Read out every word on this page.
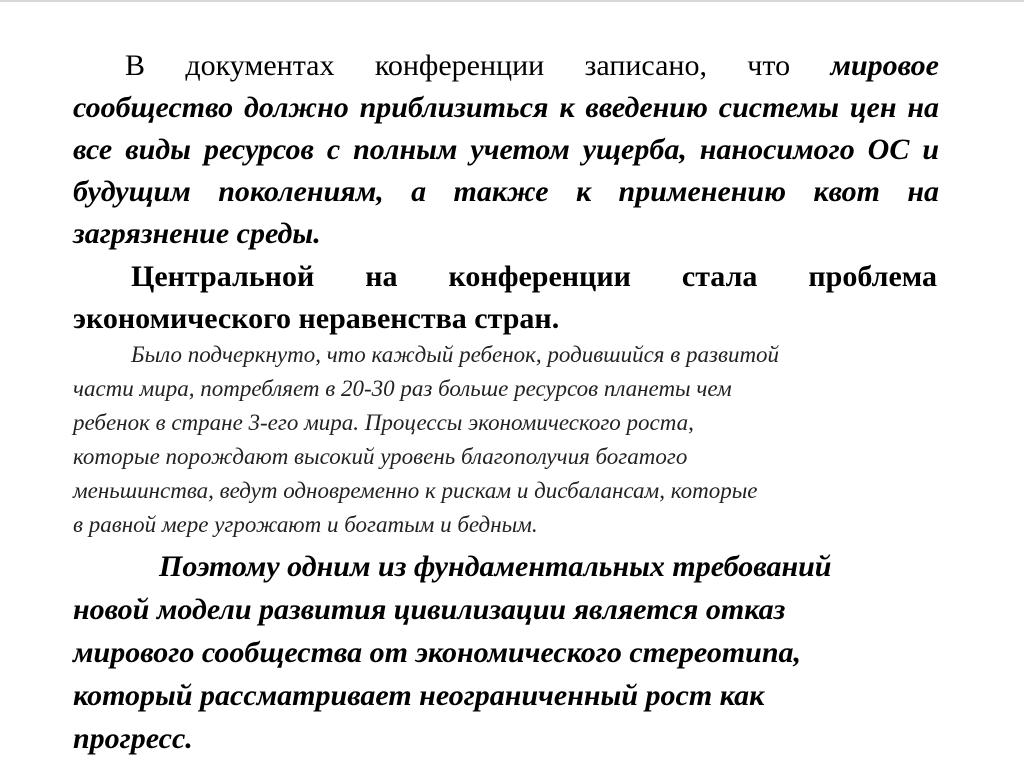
В документах конференции записано, что мировое сообщество должно приблизиться к введению системы цен на все виды ресурсов с полным учетом ущерба, наносимого ОС и будущим поколениям, а также к применению квот на загрязнение среды.

Центральной на конференции стала проблема экономического неравенства стран.

Было подчеркнуто, что каждый ребенок, родившийся в развитой
части мира, потребляет в 20-30 раз больше ресурсов планеты чем
ребенок в стране 3-его мира. Процессы экономического роста,
которые порождают высокий уровень благополучия богатого
меньшинства, ведут одновременно к рискам и дисбалансам, которые
в равной мере угрожают и богатым и бедным.
Поэтому одним из фундаментальных требований
новой модели развития цивилизации является отказ
мирового сообщества от экономического стереотипа,
который рассматривает неограниченный рост как
прогресс.
